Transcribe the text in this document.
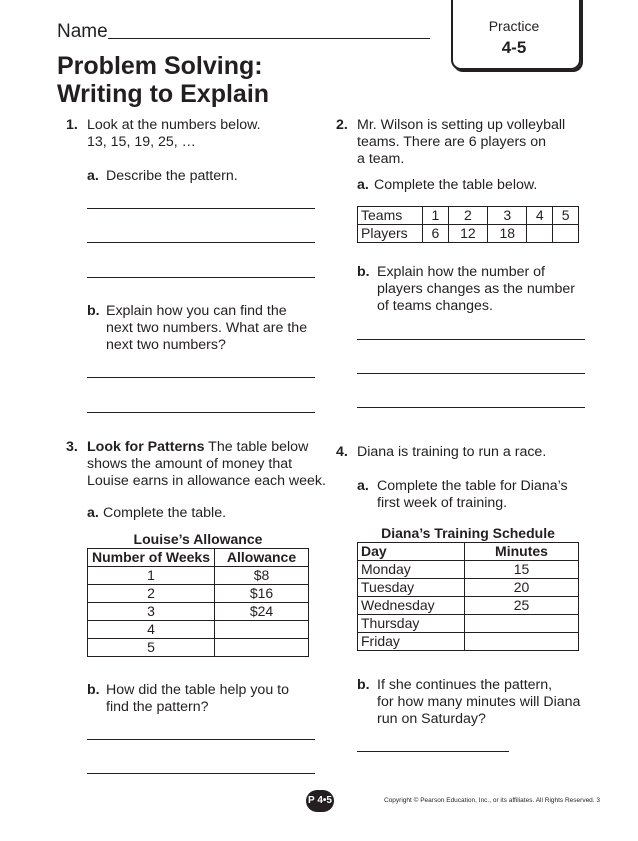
Name	Practice
4-5
Problem Solving:
Writing to Explain
1. Look at the numbers below.
13, 15, 19, 25, …
a. Describe the pattern.
b. Explain how you can find the
next two numbers. What are the
next two numbers?
2. Mr. Wilson is setting up volleyball
teams. There are 6 players on
a team.
a. Complete the table below.
Teams	1	2	3	4	5
Players	6	12	18		
b. Explain how the number of
players changes as the number
of teams changes.
3. Look for Patterns The table below
shows the amount of money that
Louise earns in allowance each week.
a. Complete the table.
Louise’s Allowance
Number of Weeks	Allowance
1	$8
2	$16
3	$24
4	
5	
b. How did the table help you to
find the pattern?
4. Diana is training to run a race.
a. Complete the table for Diana’s
first week of training.
Diana’s Training Schedule
Day	Minutes
Monday	15
Tuesday	20
Wednesday	25
Thursday	
Friday	
b. If she continues the pattern,
for how many minutes will Diana
run on Saturday?
P 4•5	Copyright © Pearson Education, Inc., or its affiliates. All Rights Reserved. 3
